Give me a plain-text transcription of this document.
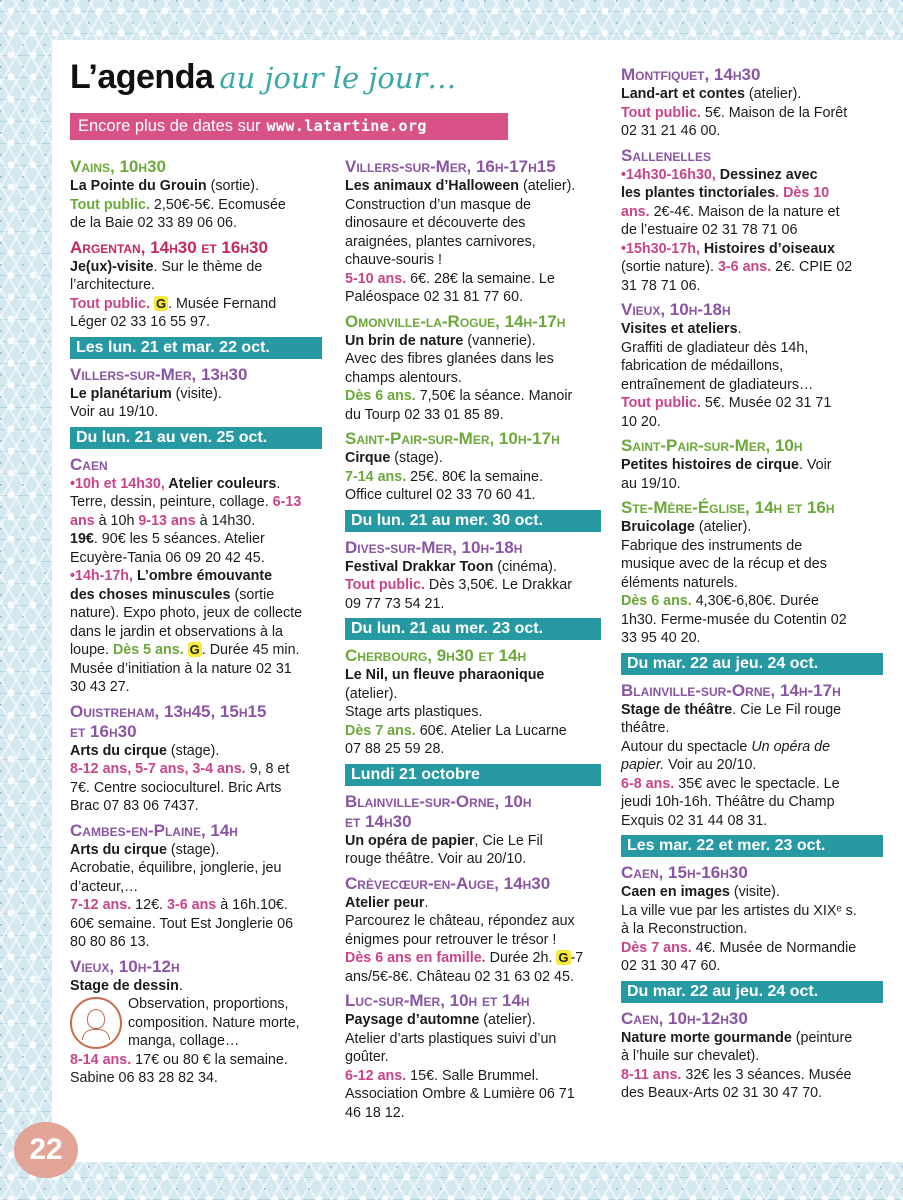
L’agenda au jour le jour…
Encore plus de dates sur www.latartine.org
Vains, 10h30
La Pointe du Grouin (sortie).
Tout public. 2,50€-5€. Ecomusée
de la Baie 02 33 89 06 06.
Argentan, 14h30 et 16h30
Je(ux)-visite. Sur le thème de
l’architecture.
Tout public. G . Musée Fernand
Léger 02 33 16 55 97.
Les lun. 21 et mar. 22 oct.
Villers-sur-Mer, 13h30
Le planétarium (visite).
Voir au 19/10.
Du lun. 21 au ven. 25 oct.
Caen
•10h et 14h30, Atelier couleurs.
Terre, dessin, peinture, collage. 6-13
ans à 10h 9-13 ans à 14h30.
19€. 90€ les 5 séances. Atelier
Ecuyère-Tania 06 09 20 42 45.
•14h-17h, L’ombre émouvante
des choses minuscules (sortie
nature). Expo photo, jeux de collecte
dans le jardin et observations à la
loupe. Dès 5 ans. G . Durée 45 min.
Musée d’initiation à la nature 02 31
30 43 27.
Ouistreham, 13h45, 15h15
et 16h30
Arts du cirque (stage).
8-12 ans, 5-7 ans, 3-4 ans. 9, 8 et
7€. Centre socioculturel. Bric Arts
Brac 07 83 06 7437.
Cambes-en-Plaine, 14h
Arts du cirque (stage).
Acrobatie, équilibre, jonglerie, jeu
d’acteur,…
7-12 ans. 12€. 3-6 ans à 16h.10€.
60€ semaine. Tout Est Jonglerie 06
80 80 86 13.
Vieux, 10h-12h
Stage de dessin.
Observation, proportions,
composition. Nature morte,
manga, collage…
8-14 ans. 17€ ou 80 € la semaine.
Sabine 06 83 28 82 34.
Villers-sur-Mer, 16h-17h15
Les animaux d’Halloween (atelier).
Construction d’un masque de
dinosaure et découverte des
araignées, plantes carnivores,
chauve-souris !
5-10 ans. 6€. 28€ la semaine. Le
Paléospace 02 31 81 77 60.
Omonville-la-Rogue, 14h-17h
Un brin de nature (vannerie).
Avec des fibres glanées dans les
champs alentours.
Dès 6 ans. 7,50€ la séance. Manoir
du Tourp 02 33 01 85 89.
Saint-Pair-sur-Mer, 10h-17h
Cirque (stage).
7-14 ans. 25€. 80€ la semaine.
Office culturel 02 33 70 60 41.
Du lun. 21 au mer. 30 oct.
Dives-sur-Mer, 10h-18h
Festival Drakkar Toon (cinéma).
Tout public. Dès 3,50€. Le Drakkar
09 77 73 54 21.
Du lun. 21 au mer. 23 oct.
Cherbourg, 9h30 et 14h
Le Nil, un fleuve pharaonique
(atelier).
Stage arts plastiques.
Dès 7 ans. 60€. Atelier La Lucarne
07 88 25 59 28.
Lundi 21 octobre
Blainville-sur-Orne, 10h
et 14h30
Un opéra de papier, Cie Le Fil
rouge théâtre. Voir au 20/10.
Crèvecœur-en-Auge, 14h30
Atelier peur.
Parcourez le château, répondez aux
énigmes pour retrouver le trésor !
Dès 6 ans en famille. Durée 2h. G -7
ans/5€-8€. Château 02 31 63 02 45.
Luc-sur-Mer, 10h et 14h
Paysage d’automne (atelier).
Atelier d’arts plastiques suivi d’un
goûter.
6-12 ans. 15€. Salle Brummel.
Association Ombre & Lumière 06 71
46 18 12.
Montfiquet, 14h30
Land-art et contes (atelier).
Tout public. 5€. Maison de la Forêt
02 31 21 46 00.
Sallenelles
•14h30-16h30, Dessinez avec
les plantes tinctoriales. Dès 10
ans. 2€-4€. Maison de la nature et
de l’estuaire 02 31 78 71 06
•15h30-17h, Histoires d’oiseaux
(sortie nature). 3-6 ans. 2€. CPIE 02
31 78 71 06.
Vieux, 10h-18h
Visites et ateliers.
Graffiti de gladiateur dès 14h,
fabrication de médaillons,
entraînement de gladiateurs…
Tout public. 5€. Musée 02 31 71
10 20.
Saint-Pair-sur-Mer, 10h
Petites histoires de cirque. Voir
au 19/10.
Ste-Mère-Église, 14h et 16h
Bruicolage (atelier).
Fabrique des instruments de
musique avec de la récup et des
éléments naturels.
Dès 6 ans. 4,30€-6,80€. Durée
1h30. Ferme-musée du Cotentin 02
33 95 40 20.
Du mar. 22 au jeu. 24 oct.
Blainville-sur-Orne, 14h-17h
Stage de théâtre. Cie Le Fil rouge
théâtre.
Autour du spectacle Un opéra de
papier. Voir au 20/10.
6-8 ans. 35€ avec le spectacle. Le
jeudi 10h-16h. Théâtre du Champ
Exquis 02 31 44 08 31.
Les mar. 22 et mer. 23 oct.
Caen, 15h-16h30
Caen en images (visite).
La ville vue par les artistes du XIXᵉ s.
à la Reconstruction.
Dès 7 ans. 4€. Musée de Normandie
02 31 30 47 60.
Du mar. 22 au jeu. 24 oct.
Caen, 10h-12h30
Nature morte gourmande (peinture
à l’huile sur chevalet).
8-11 ans. 32€ les 3 séances. Musée
des Beaux-Arts 02 31 30 47 70.
22
